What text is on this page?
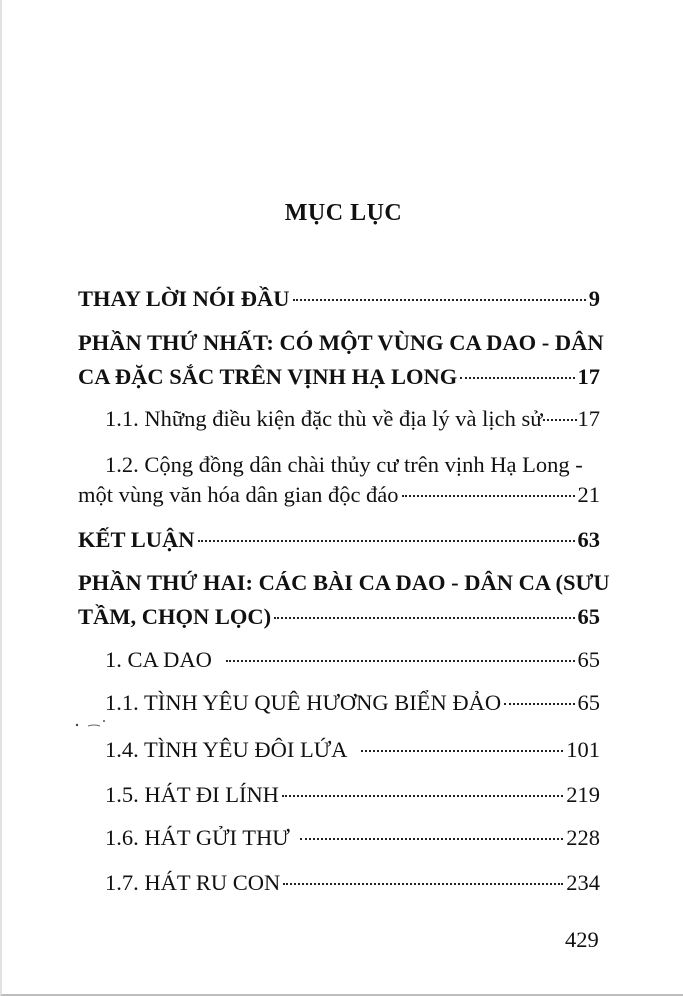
MỤC LỤC
THAY LỜI NÓI ĐẦU	9
PHẦN THỨ NHẤT: CÓ MỘT VÙNG CA DAO - DÂN
CA ĐẶC SẮC TRÊN VỊNH HẠ LONG	17
1.1. Những điều kiện đặc thù về địa lý và lịch sử 17
1.2. Cộng đồng dân chài thủy cư trên vịnh Hạ Long -
một vùng văn hóa dân gian độc đáo	21
KẾT LUẬN	63
PHẦN THỨ HAI: CÁC BÀI CA DAO - DÂN CA (SƯU
TẦM, CHỌN LỌC)	65
1. CA DAO	65
1.1. TÌNH YÊU QUÊ HƯƠNG BIỂN ĐẢO	65
1.4. TÌNH YÊU ĐÔI LỨA	101
1.5. HÁT ĐI LÍNH	219
1.6. HÁT GỬI THƯ	228
1.7. HÁT RU CON	234
429
